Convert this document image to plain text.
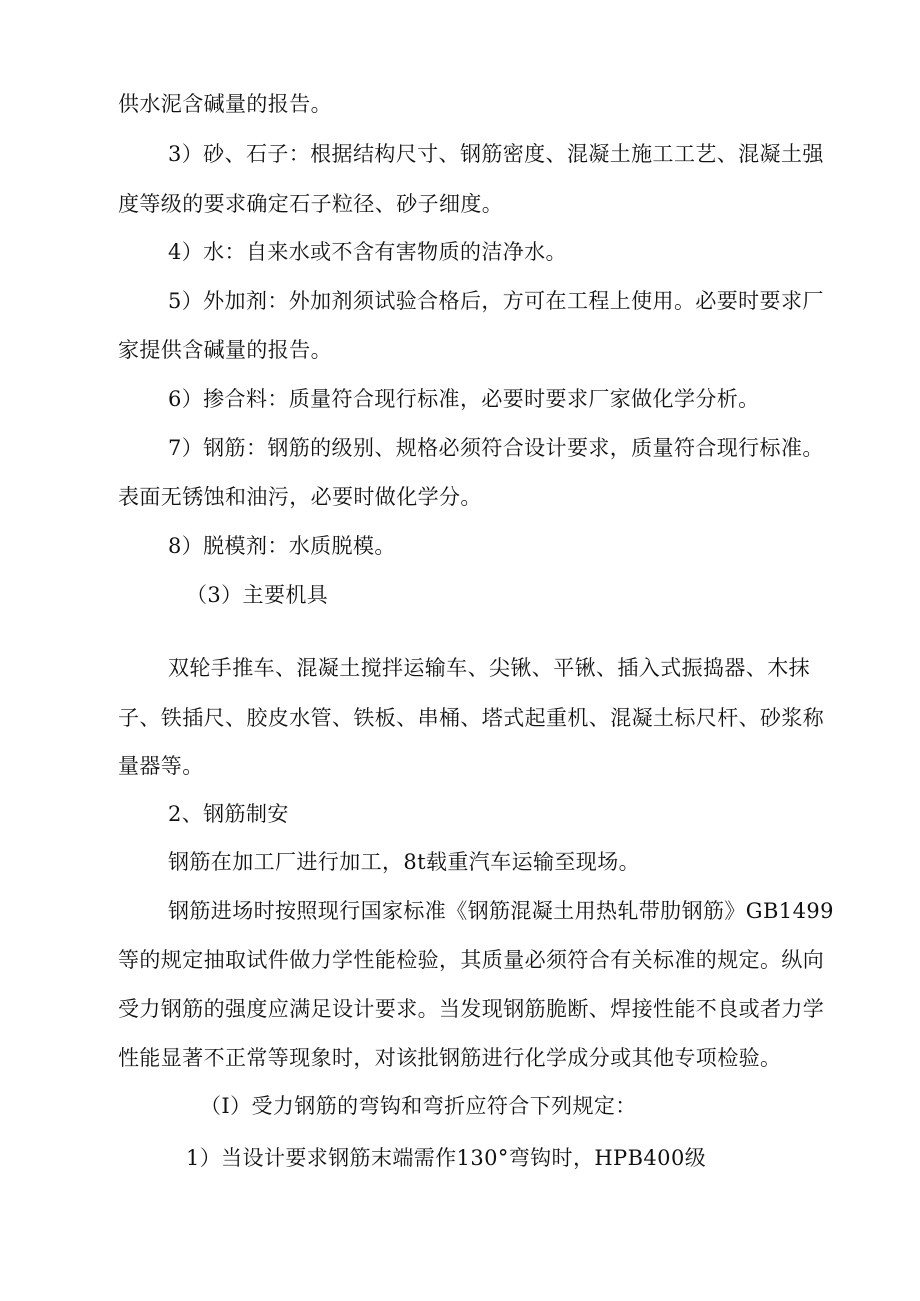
供水泥含碱量的报告。
3）砂、石子：根据结构尺寸、钢筋密度、混凝土施工工艺、混凝土强
度等级的要求确定石子粒径、砂子细度。
4）水：自来水或不含有害物质的洁净水。
5）外加剂：外加剂须试验合格后，方可在工程上使用。必要时要求厂
家提供含碱量的报告。
6）掺合料：质量符合现行标准，必要时要求厂家做化学分析。
7）钢筋：钢筋的级别、规格必须符合设计要求，质量符合现行标准。
表面无锈蚀和油污，必要时做化学分。
8）脱模剂：水质脱模。
（3）主要机具
双轮手推车、混凝土搅拌运输车、尖锹、平锹、插入式振捣器、木抹
子、铁插尺、胶皮水管、铁板、串桶、塔式起重机、混凝土标尺杆、砂浆称
量器等。
2、钢筋制安
钢筋在加工厂进行加工，8t载重汽车运输至现场。
钢筋进场时按照现行国家标准《钢筋混凝土用热轧带肋钢筋》GB1499
等的规定抽取试件做力学性能检验，其质量必须符合有关标准的规定。纵向
受力钢筋的强度应满足设计要求。当发现钢筋脆断、焊接性能不良或者力学
性能显著不正常等现象时，对该批钢筋进行化学成分或其他专项检验。
（I）受力钢筋的弯钩和弯折应符合下列规定：
1）当设计要求钢筋末端需作130°弯钩时，HPB400级
